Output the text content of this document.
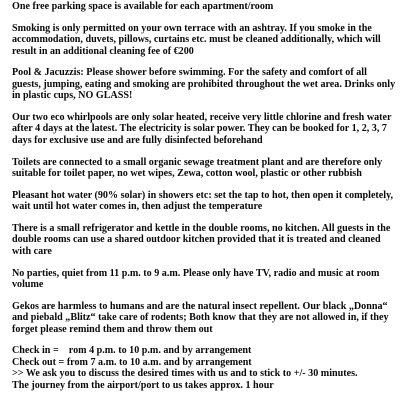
One free parking space is available for each apartment/room
Smoking is only permitted on your own terrace with an ashtray. If you smoke in the
accommodation, duvets, pillows, curtains etc. must be cleaned additionally, which will
result in an additional cleaning fee of €200
Pool & Jacuzzis: Please shower before swimming. For the safety and comfort of all
guests, jumping, eating and smoking are prohibited throughout the wet area. Drinks only
in plastic cups, NO GLASS!
Our two eco whirlpools are only solar heated, receive very little chlorine and fresh water
after 4 days at the latest. The electricity is solar power. They can be booked for 1, 2, 3, 7
days for exclusive use and are fully disinfected beforehand
Toilets are connected to a small organic sewage treatment plant and are therefore only
suitable for toilet paper, no wet wipes, Zewa, cotton wool, plastic or other rubbish
Pleasant hot water (90% solar) in showers etc: set the tap to hot, then open it completely,
wait until hot water comes in, then adjust the temperature
There is a small refrigerator and kettle in the double rooms, no kitchen. All guests in the
double rooms can use a shared outdoor kitchen provided that it is treated and cleaned
with care
No parties, quiet from 11 p.m. to 9 a.m. Please only have TV, radio and music at room
volume
Gekos are harmless to humans and are the natural insect repellent. Our black „Donna“
and piebald „Blitz“ take care of rodents; Both know that they are not allowed in, if they
forget please remind them and throw them out
Check in =    rom 4 p.m. to 10 p.m. and by arrangement
Check out = from 7 a.m. to 10 a.m. and by arrangement
>> We ask you to discuss the desired times with us and to stick to +/- 30 minutes.
The journey from the airport/port to us takes approx. 1 hour
